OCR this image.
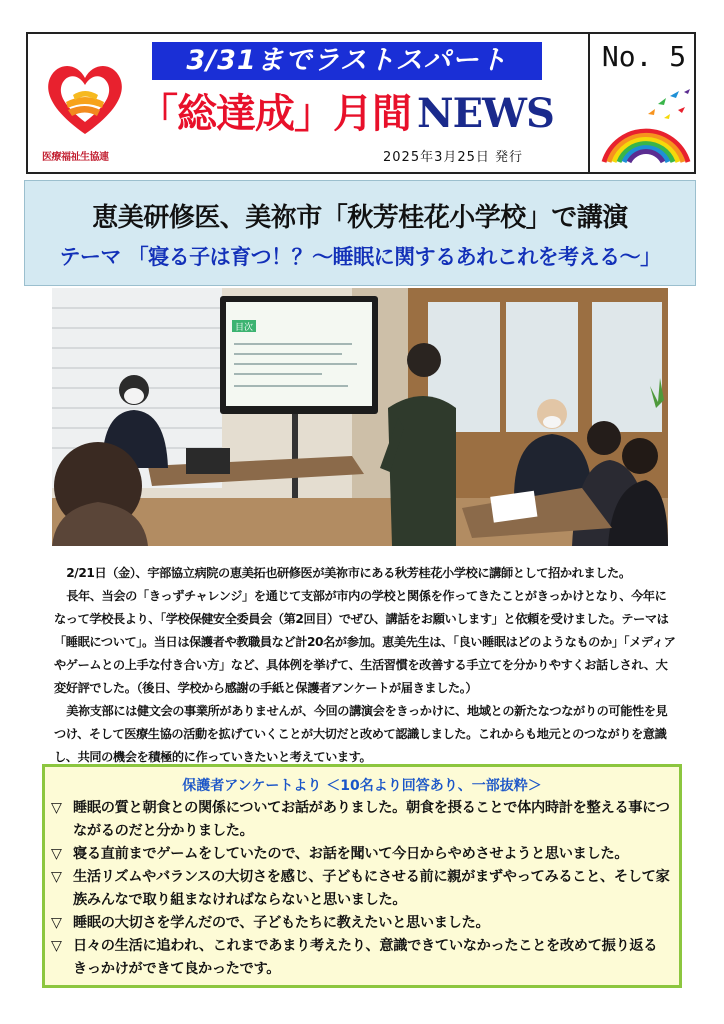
医療福祉生協連
3/31までラストスパート
「総達成」月間 NEWS
2025年3月25日 発行
No. 5
恵美研修医、美祢市「秋芳桂花小学校」で講演
テーマ 「寝る子は育つ！？～睡眠に関するあれこれを考える～」
目次

2/21日（金）、宇部協立病院の恵美拓也研修医が美祢市にある秋芳桂花小学校に講師として招かれました。

長年、当会の「きっずチャレンジ」を通じて支部が市内の学校と関係を作ってきたことがきっかけとなり、今年になって学校長より、「学校保健安全委員会（第2回目）でぜひ、講話をお願いします」と依頼を受けました。テーマは「睡眠について」。当日は保護者や教職員など計20名が参加。恵美先生は、「良い睡眠はどのようなものか」「メディアやゲームとの上手な付き合い方」など、具体例を挙げて、生活習慣を改善する手立てを分かりやすくお話しされ、大変好評でした。（後日、学校から感謝の手紙と保護者アンケートが届きました。）

美祢支部には健文会の事業所がありませんが、今回の講演会をきっかけに、地域との新たなつながりの可能性を見つけ、そして医療生協の活動を拡げていくことが大切だと改めて認識しました。これからも地元とのつながりを意識し、共同の機会を積極的に作っていきたいと考えています。

保護者アンケートより ＜10名より回答あり、一部抜粋＞
▽ 睡眠の質と朝食との関係についてお話がありました。朝食を摂ることで体内時計を整える事につながるのだと分かりました。
▽ 寝る直前までゲームをしていたので、お話を聞いて今日からやめさせようと思いました。
▽ 生活リズムやバランスの大切さを感じ、子どもにさせる前に親がまずやってみること、そして家族みんなで取り組まなければならないと思いました。
▽ 睡眠の大切さを学んだので、子どもたちに教えたいと思いました。
▽ 日々の生活に追われ、これまであまり考えたり、意識できていなかったことを改めて振り返るきっかけができて良かったです。
